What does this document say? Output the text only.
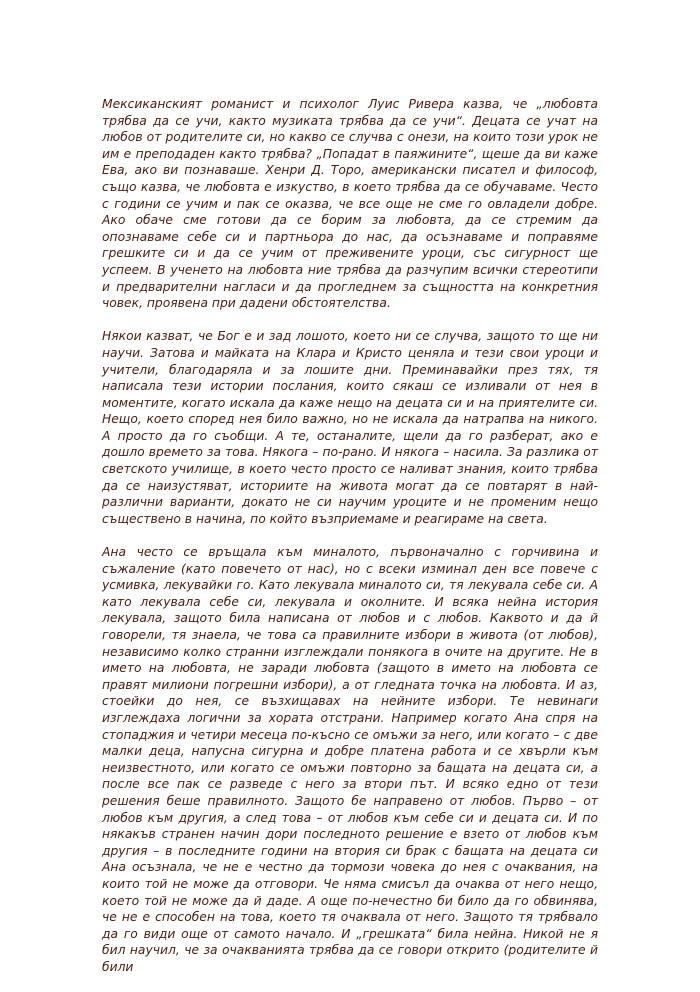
Мексиканският романист и психолог Луис Ривера казва, че „любовта трябва да се учи, както музиката трябва да се учи“. Децата се учат на любов от родителите си, но какво се случва с онези, на които този урок не им е преподаден както трябва? „Попадат в паяжините“, щеше да ви каже Ева, ако ви познаваше. Хенри Д. Торо, американски писател и философ, също казва, че любовта е изкуство, в което трябва да се обучаваме. Често с години се учим и пак се оказва, че все още не сме го овладели добре. Ако обаче сме готови да се борим за любовта, да се стремим да опознаваме себе си и партньора до нас, да осъзнаваме и поправяме грешките си и да се учим от преживените уроци, със сигурност ще успеем. В ученето на любовта ние трябва да разчупим всички стереотипи и предварителни нагласи и да прогледнем за същността на конкретния човек, проявена при дадени обстоятелства.

Някои казват, че Бог е и зад лошото, което ни се случва, защото то ще ни научи. Затова и майката на Клара и Кристо ценяла и тези свои уроци и учители, благодаряла и за лошите дни. Преминавайки през тях, тя написала тези истории послания, които сякаш се изливали от нея в моментите, когато искала да каже нещо на децата си и на приятелите си. Нещо, което според нея било важно, но не искала да натрапва на никого. А просто да го съобщи. А те, останалите, щели да го разберат, ако е дошло времето за това. Някога – по-рано. И някога – насила. За разлика от светското училище, в което често просто се наливат знания, които трябва да се наизустяват, историите на живота могат да се повтарят в най-различни варианти, докато не си научим уроците и не променим нещо съществено в начина, по който възприемаме и реагираме на света.

Ана често се връщала към миналото, първоначално с горчивина и съжаление (като повечето от нас), но с всеки изминал ден все повече с усмивка, лекувайки го. Като лекувала миналото си, тя лекувала себе си. А като лекувала себе си, лекувала и околните. И всяка нейна история лекувала, защото била написана от любов и с любов. Каквото и да й говорели, тя знаела, че това са правилните избори в живота (от любов), независимо колко странни изглеждали понякога в очите на другите. Не в името на любовта, не заради любовта (защото в името на любовта се правят милиони погрешни избори), а от гледната точка на любовта. И аз, стоейки до нея, се възхищавах на нейните избори. Те невинаги изглеждаха логични за хората отстрани. Например когато Ана спря на стопаджия и четири месеца по-късно се омъжи за него, или когато – с две малки деца, напусна сигурна и добре платена работа и се хвърли към неизвестното, или когато се омъжи повторно за бащата на децата си, а после все пак се разведе с него за втори път. И всяко едно от тези решения беше правилното. Защото бе направено от любов. Първо – от любов към другия, а след това – от любов към себе си и децата си. И по някакъв странен начин дори последното решение е взето от любов към другия – в последните години на втория си брак с бащата на децата си Ана осъзнала, че не е честно да тормози човека до нея с очаквания, на които той не може да отговори. Че няма смисъл да очаква от него нещо, което той не може да й даде. А още по-нечестно би било да го обвинява, че не е способен на това, което тя очаквала от него. Защото тя трябвало да го види още от самото начало. И „грешката“ била нейна. Никой не я бил научил, че за очакванията трябва да се говори открито (родителите й били
